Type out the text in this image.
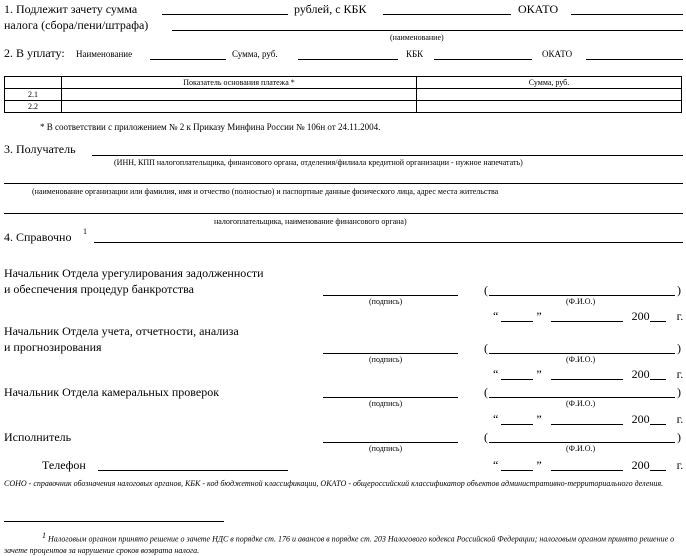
1. Подлежит зачету сумма	рублей, с КБК	ОКАТО
налога (сбора/пени/штрафа)
(наименование)
2. В уплату: Наименование	Сумма, руб.	КБК	ОКАТО
	Показатель основания платежа *	Сумма, руб.
2.1		
2.2		
* В соответствии с приложением № 2 к Приказу Минфина России № 106н от 24.11.2004.
3. Получатель
(ИНН, КПП налогоплательщика, финансового органа, отделения/филиала кредитной организации - нужное напечатать)
(наименование организации или фамилия, имя и отчество (полностью) и паспортные данные физического лица, адрес места жительства
налогоплательщика, наименование финансового органа)
4. Справочно 1
Начальник Отдела урегулирования задолженности
и обеспечения процедур банкротства	(	)
(подпись)	(Ф.И.О.)
“	”	200 г.
Начальник Отдела учета, отчетности, анализа
и прогнозирования	(	)
(подпись)	(Ф.И.О.)
“	”	200 г.
Начальник Отдела камеральных проверок	(	)
(подпись)	(Ф.И.О.)
“	”	200 г.
Исполнитель	(	)
(подпись)	(Ф.И.О.)
Телефон	“	”	200 г.
СОНО - справочник обозначения налоговых органов, КБК - код бюджетной классификации, ОКАТО - общероссийский классификатор объектов административно-территориального деления.
$^1$ Налоговым органом принято решение о зачете НДС в порядке ст. 176 и авансов в порядке ст. 203 Налогового кодекса Российской Федерации; налоговым органом принято решение о зачете процентов за нарушение сроков возврата налога.
